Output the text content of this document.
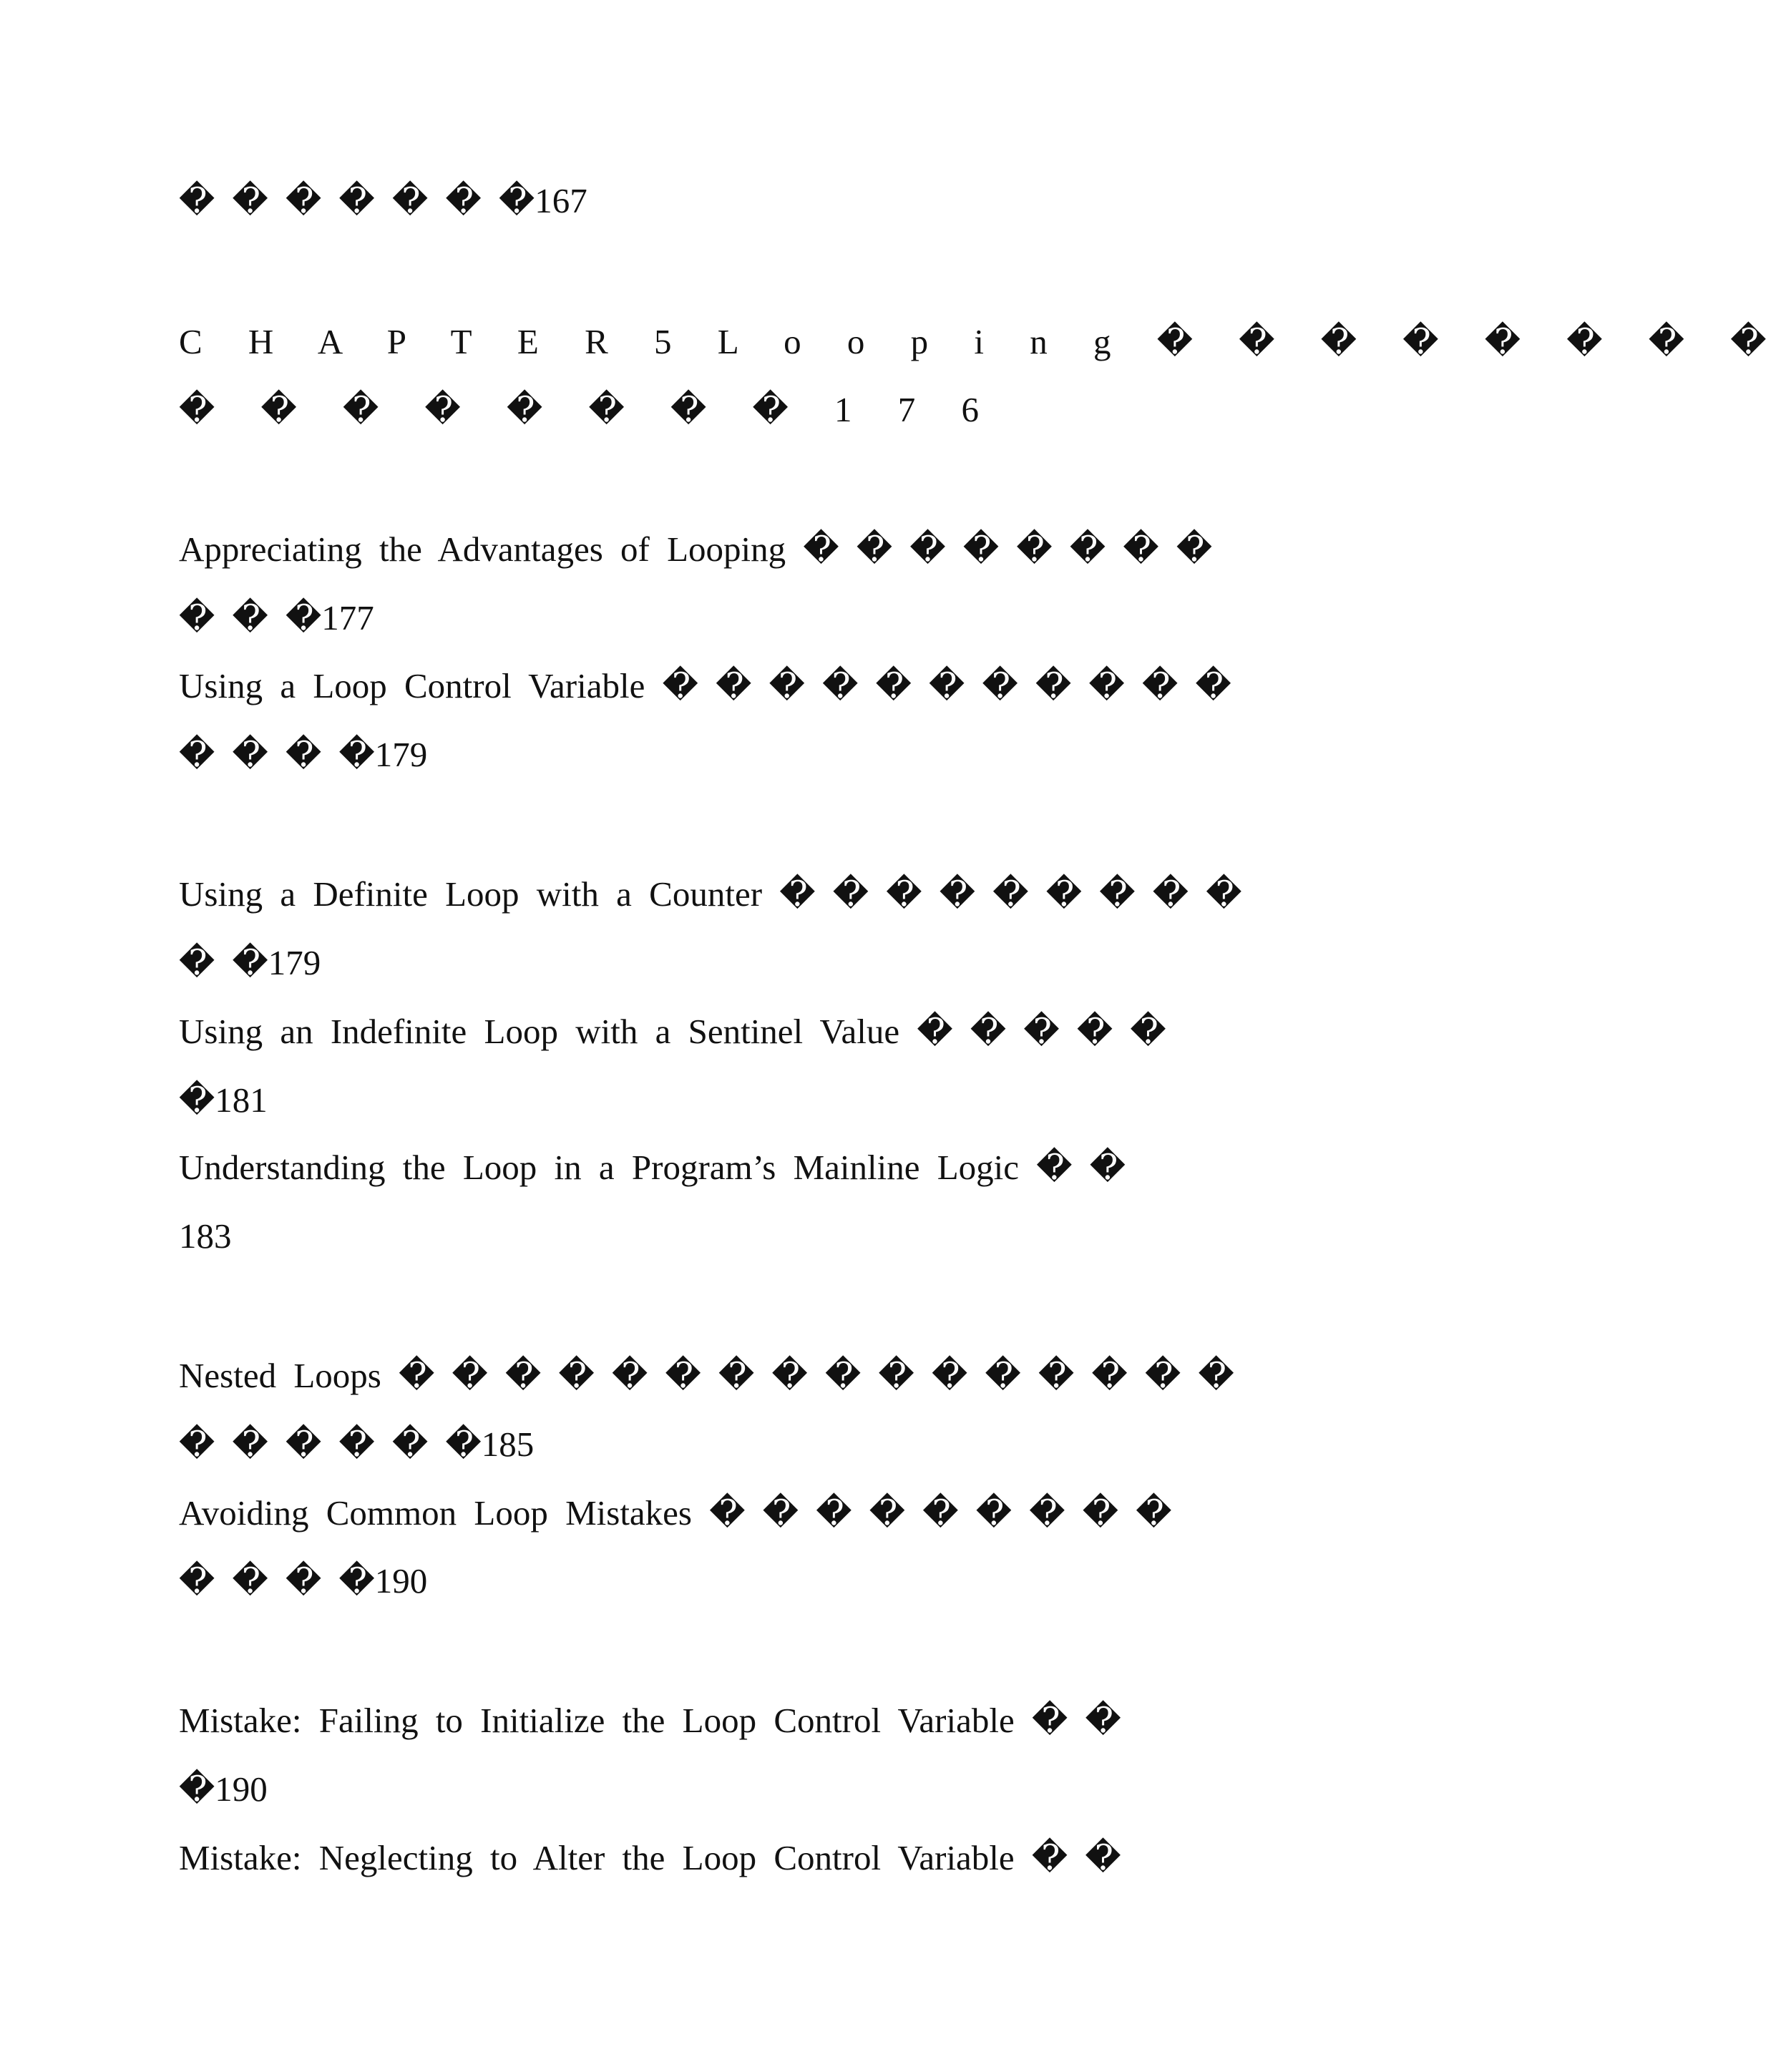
� � � � � � �167
C H A P T E R 5 L o o p i n g � � � � � � � �
� � � � � � � � 1 7 6
Appreciating the Advantages of Looping � � � � � � � �
� � �177
Using a Loop Control Variable � � � � � � � � � � �
� � � �179
Using a Definite Loop with a Counter � � � � � � � � �
� �179
Using an Indefinite Loop with a Sentinel Value � � � � �
�181
Understanding the Loop in a Program’s Mainline Logic � �
183
Nested Loops � � � � � � � � � � � � � � � �
� � � � � �185
Avoiding Common Loop Mistakes � � � � � � � � �
� � � �190
Mistake: Failing to Initialize the Loop Control Variable � �
�190
Mistake: Neglecting to Alter the Loop Control Variable � �
